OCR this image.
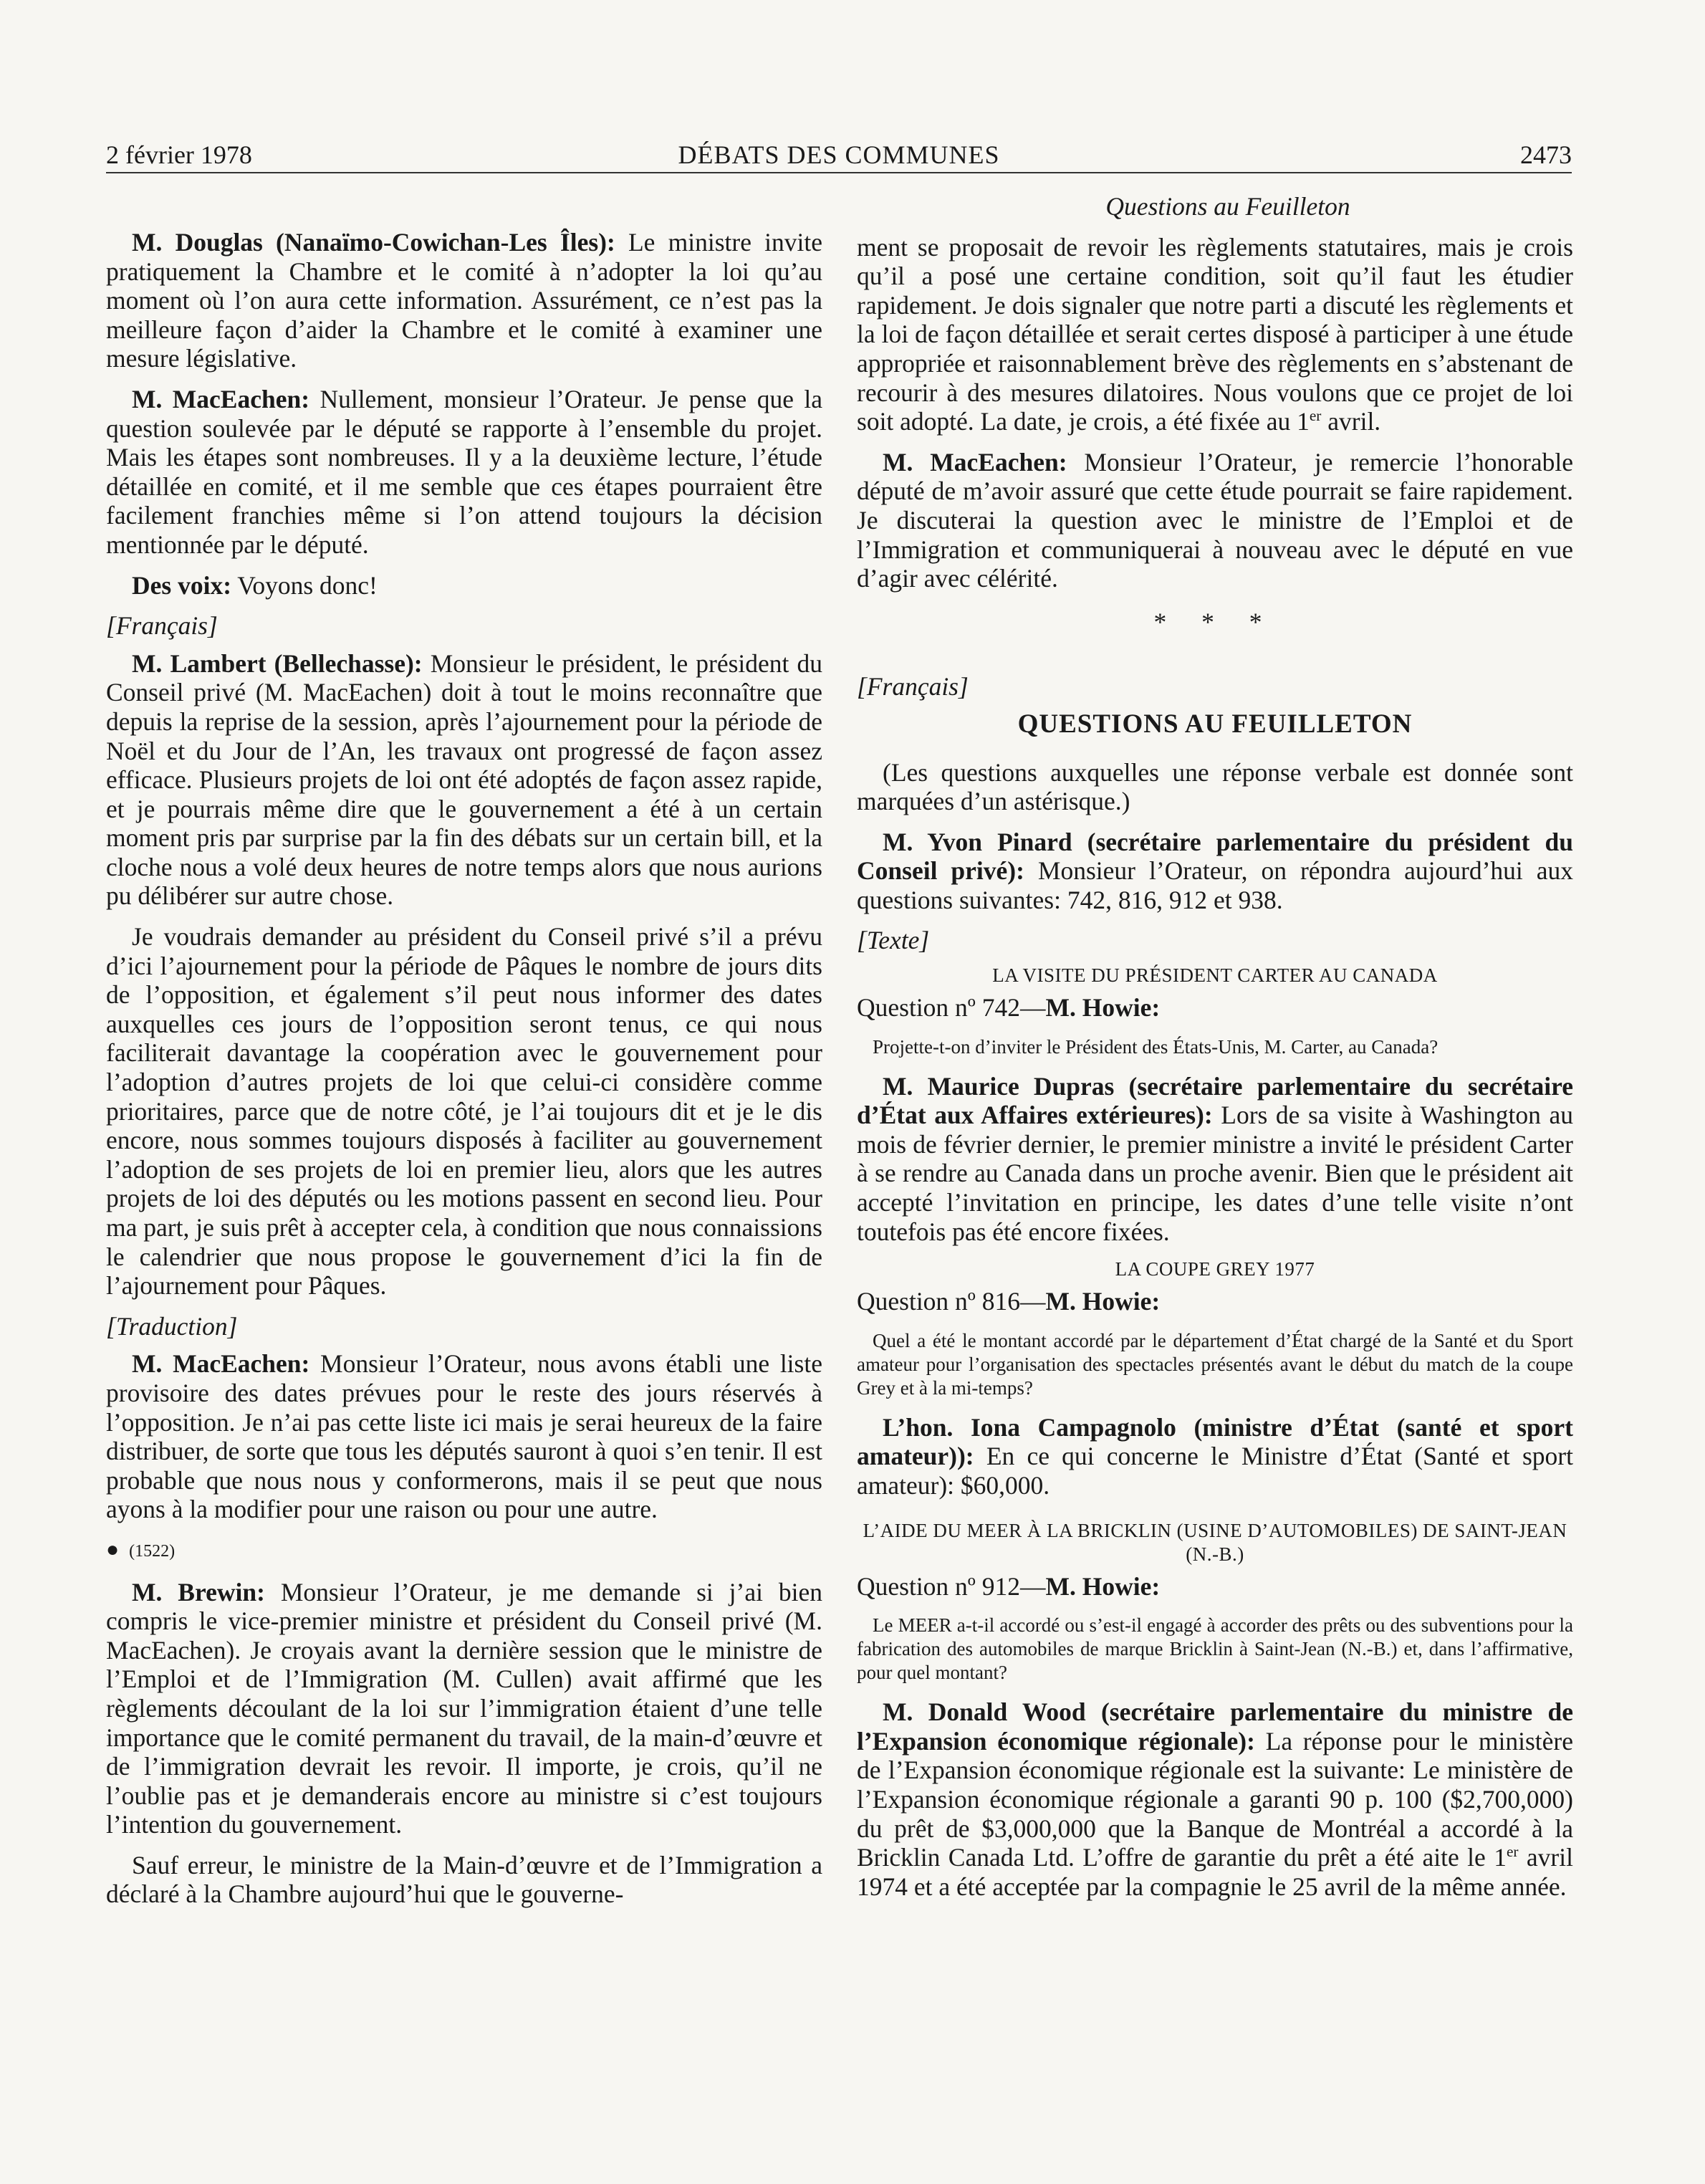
2 février 1978	DÉBATS DES COMMUNES	2473

M. Douglas (Nanaïmo-Cowichan-Les Îles): Le ministre invite pratiquement la Chambre et le comité à n’adopter la loi qu’au moment où l’on aura cette information. Assurément, ce n’est pas la meilleure façon d’aider la Chambre et le comité à examiner une mesure législative.

M. MacEachen: Nullement, monsieur l’Orateur. Je pense que la question soulevée par le député se rapporte à l’ensemble du projet. Mais les étapes sont nombreuses. Il y a la deuxième lecture, l’étude détaillée en comité, et il me semble que ces étapes pourraient être facilement franchies même si l’on attend toujours la décision mentionnée par le député.

Des voix: Voyons donc!

[Français]

M. Lambert (Bellechasse): Monsieur le président, le président du Conseil privé (M. MacEachen) doit à tout le moins reconnaître que depuis la reprise de la session, après l’ajournement pour la période de Noël et du Jour de l’An, les travaux ont progressé de façon assez efficace. Plusieurs projets de loi ont été adoptés de façon assez rapide, et je pourrais même dire que le gouvernement a été à un certain moment pris par surprise par la fin des débats sur un certain bill, et la cloche nous a volé deux heures de notre temps alors que nous aurions pu délibérer sur autre chose.

Je voudrais demander au président du Conseil privé s’il a prévu d’ici l’ajournement pour la période de Pâques le nombre de jours dits de l’opposition, et également s’il peut nous informer des dates auxquelles ces jours de l’opposition seront tenus, ce qui nous faciliterait davantage la coopération avec le gouvernement pour l’adoption d’autres projets de loi que celui-ci considère comme prioritaires, parce que de notre côté, je l’ai toujours dit et je le dis encore, nous sommes toujours disposés à faciliter au gouvernement l’adoption de ses projets de loi en premier lieu, alors que les autres projets de loi des députés ou les motions passent en second lieu. Pour ma part, je suis prêt à accepter cela, à condition que nous connaissions le calendrier que nous propose le gouvernement d’ici la fin de l’ajournement pour Pâques.

[Traduction]

M. MacEachen: Monsieur l’Orateur, nous avons établi une liste provisoire des dates prévues pour le reste des jours réservés à l’opposition. Je n’ai pas cette liste ici mais je serai heureux de la faire distribuer, de sorte que tous les députés sauront à quoi s’en tenir. Il est probable que nous nous y conformerons, mais il se peut que nous ayons à la modifier pour une raison ou pour une autre.

● (1522)

M. Brewin: Monsieur l’Orateur, je me demande si j’ai bien compris le vice-premier ministre et président du Conseil privé (M. MacEachen). Je croyais avant la dernière session que le ministre de l’Emploi et de l’Immigration (M. Cullen) avait affirmé que les règlements découlant de la loi sur l’immigration étaient d’une telle importance que le comité permanent du travail, de la main-d’œuvre et de l’immigration devrait les revoir. Il importe, je crois, qu’il ne l’oublie pas et je demanderais encore au ministre si c’est toujours l’intention du gouvernement.

Sauf erreur, le ministre de la Main-d’œuvre et de l’Immigration a déclaré à la Chambre aujourd’hui que le gouverne-

Questions au Feuilleton

ment se proposait de revoir les règlements statutaires, mais je crois qu’il a posé une certaine condition, soit qu’il faut les étudier rapidement. Je dois signaler que notre parti a discuté les règlements et la loi de façon détaillée et serait certes disposé à participer à une étude appropriée et raisonnablement brève des règlements en s’abstenant de recourir à des mesures dilatoires. Nous voulons que ce projet de loi soit adopté. La date, je crois, a été fixée au 1er avril.

M. MacEachen: Monsieur l’Orateur, je remercie l’honorable député de m’avoir assuré que cette étude pourrait se faire rapidement. Je discuterai la question avec le ministre de l’Emploi et de l’Immigration et communiquerai à nouveau avec le député en vue d’agir avec célérité.

* * *

[Français]

QUESTIONS AU FEUILLETON

(Les questions auxquelles une réponse verbale est donnée sont marquées d’un astérisque.)

M. Yvon Pinard (secrétaire parlementaire du président du Conseil privé): Monsieur l’Orateur, on répondra aujourd’hui aux questions suivantes: 742, 816, 912 et 938.

[Texte]

LA VISITE DU PRÉSIDENT CARTER AU CANADA

Question nº 742—M. Howie:

Projette-t-on d’inviter le Président des États-Unis, M. Carter, au Canada?

M. Maurice Dupras (secrétaire parlementaire du secrétaire d’État aux Affaires extérieures): Lors de sa visite à Washington au mois de février dernier, le premier ministre a invité le président Carter à se rendre au Canada dans un proche avenir. Bien que le président ait accepté l’invitation en principe, les dates d’une telle visite n’ont toutefois pas été encore fixées.

LA COUPE GREY 1977

Question nº 816—M. Howie:

Quel a été le montant accordé par le département d’État chargé de la Santé et du Sport amateur pour l’organisation des spectacles présentés avant le début du match de la coupe Grey et à la mi-temps?

L’hon. Iona Campagnolo (ministre d’État (santé et sport amateur)): En ce qui concerne le Ministre d’État (Santé et sport amateur): $60,000.

L’AIDE DU MEER À LA BRICKLIN (USINE D’AUTOMOBILES) DE SAINT-JEAN (N.-B.)

Question nº 912—M. Howie:

Le MEER a-t-il accordé ou s’est-il engagé à accorder des prêts ou des subventions pour la fabrication des automobiles de marque Bricklin à Saint-Jean (N.-B.) et, dans l’affirmative, pour quel montant?

M. Donald Wood (secrétaire parlementaire du ministre de l’Expansion économique régionale): La réponse pour le ministère de l’Expansion économique régionale est la suivante: Le ministère de l’Expansion économique régionale a garanti 90 p. 100 ($2,700,000) du prêt de $3,000,000 que la Banque de Montréal a accordé à la Bricklin Canada Ltd. L’offre de garantie du prêt a été aite le 1er avril 1974 et a été acceptée par la compagnie le 25 avril de la même année.
